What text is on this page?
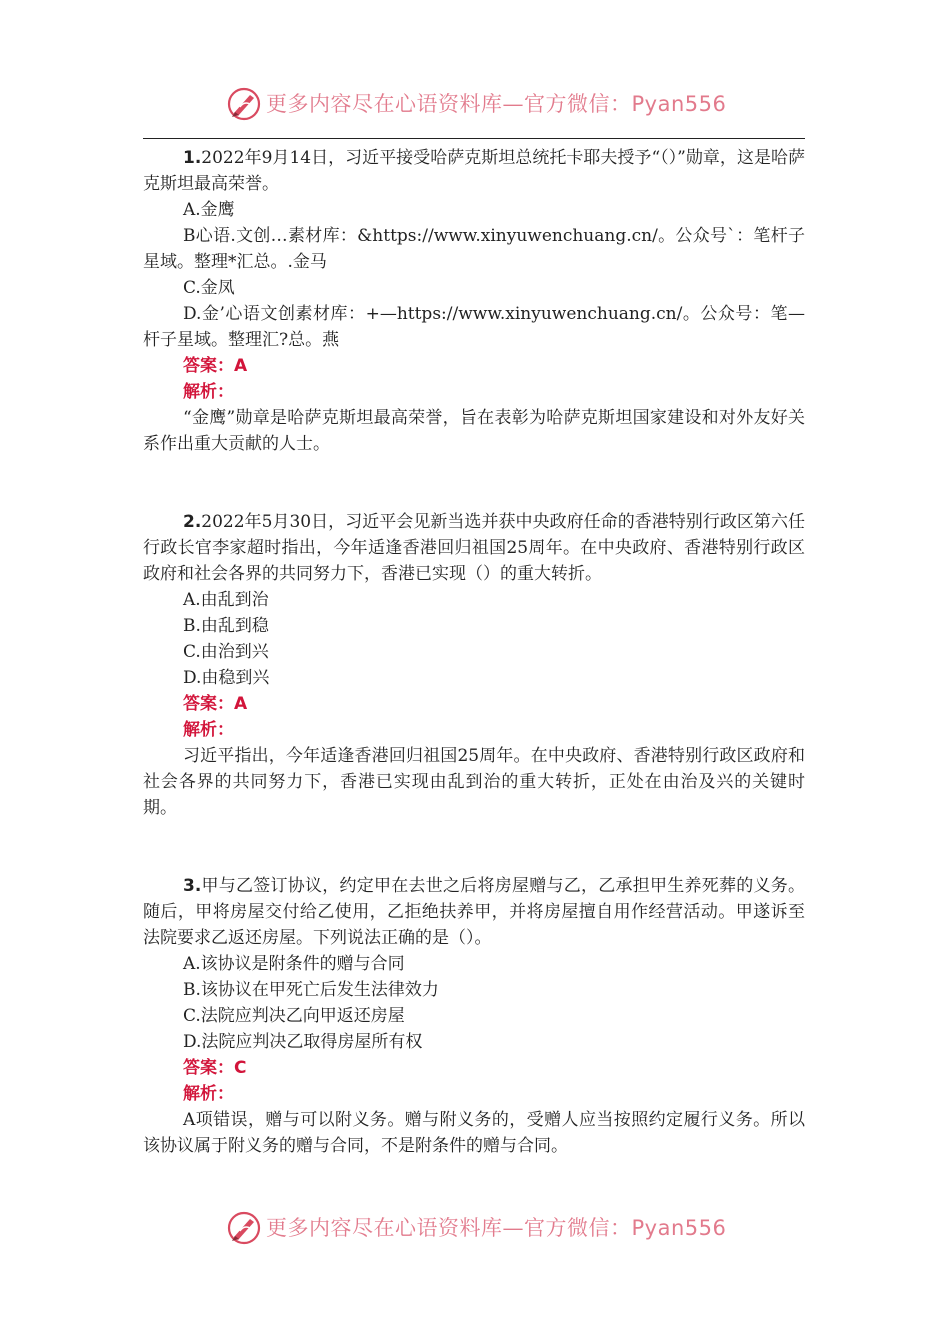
更多内容尽在心语资料库—官方微信：Pyan556

1.2022年9月14日，习近平接受哈萨克斯坦总统托卡耶夫授予“（）”勋章，这是哈萨克斯坦最高荣誉。

A.金鹰

B心语.文创…素材库：&https://www.xinyuwenchuang.cn/。公众号`：笔杆子星域。整理*汇总。.金马

C.金凤

D.金’心语文创素材库：+—https://www.xinyuwenchuang.cn/。公众号：笔—杆子星域。整理汇?总。燕

答案：A

解析：

“金鹰”勋章是哈萨克斯坦最高荣誉，旨在表彰为哈萨克斯坦国家建设和对外友好关系作出重大贡献的人士。

2.2022年5月30日，习近平会见新当选并获中央政府任命的香港特别行政区第六任行政长官李家超时指出，今年适逢香港回归祖国25周年。在中央政府、香港特别行政区政府和社会各界的共同努力下，香港已实现（）的重大转折。

A.由乱到治

B.由乱到稳

C.由治到兴

D.由稳到兴

答案：A

解析：

习近平指出，今年适逢香港回归祖国25周年。在中央政府、香港特别行政区政府和社会各界的共同努力下，香港已实现由乱到治的重大转折，正处在由治及兴的关键时期。

3.甲与乙签订协议，约定甲在去世之后将房屋赠与乙，乙承担甲生养死葬的义务。随后，甲将房屋交付给乙使用，乙拒绝扶养甲，并将房屋擅自用作经营活动。甲遂诉至法院要求乙返还房屋。下列说法正确的是（）。

A.该协议是附条件的赠与合同

B.该协议在甲死亡后发生法律效力

C.法院应判决乙向甲返还房屋

D.法院应判决乙取得房屋所有权

答案：C

解析：

A项错误，赠与可以附义务。赠与附义务的，受赠人应当按照约定履行义务。所以该协议属于附义务的赠与合同，不是附条件的赠与合同。

更多内容尽在心语资料库—官方微信：Pyan556
